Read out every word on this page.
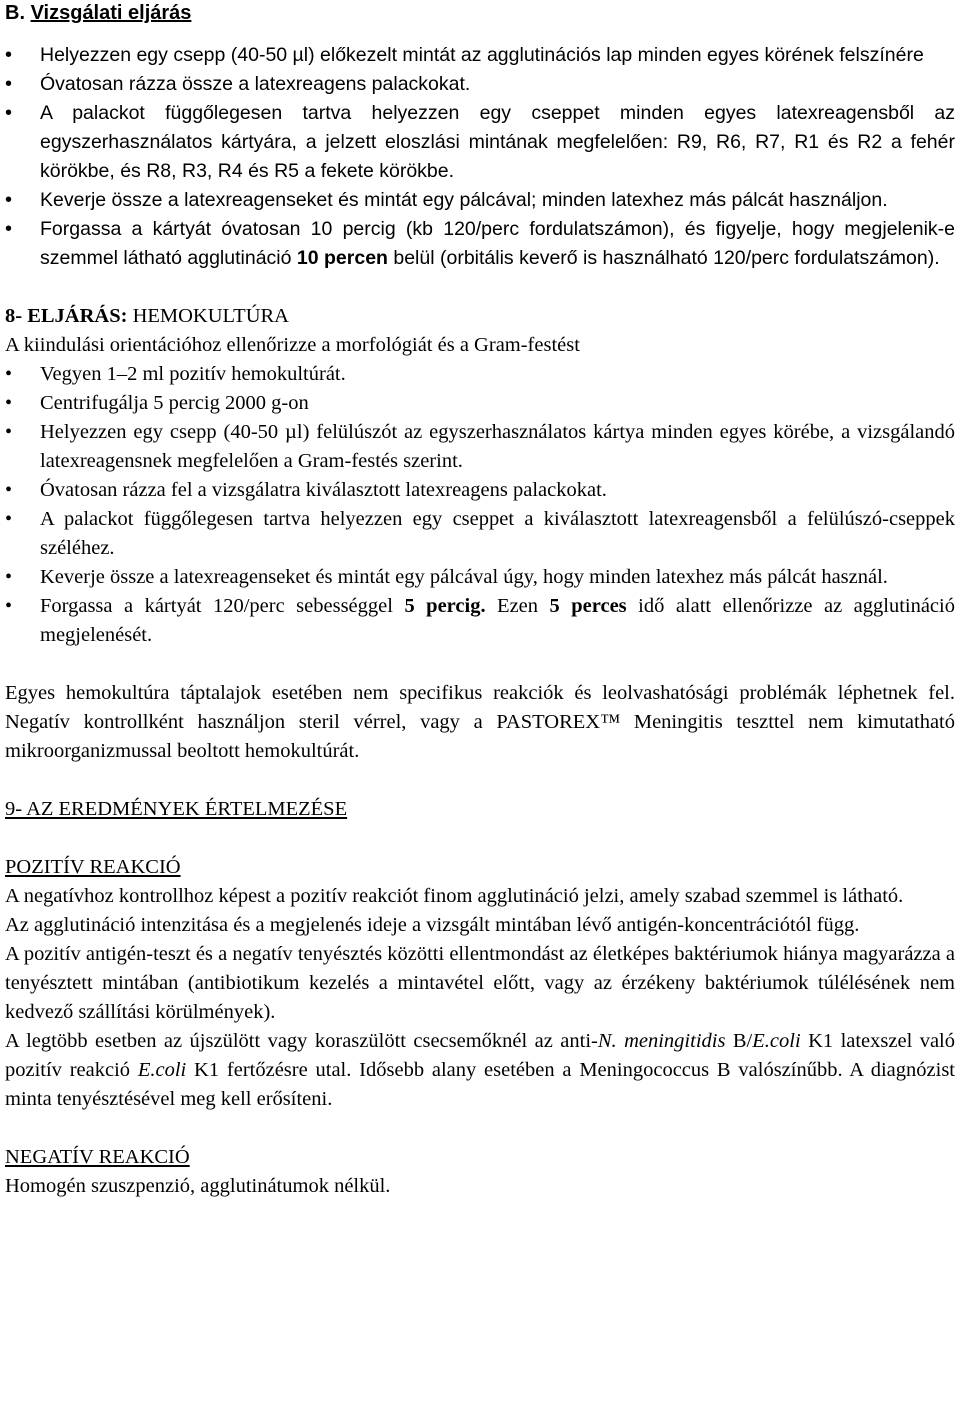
B. Vizsgálati eljárás
• Helyezzen egy csepp (40-50 µl) előkezelt mintát az agglutinációs lap minden egyes körének felszínére
• Óvatosan rázza össze a latexreagens palackokat.
• A palackot függőlegesen tartva helyezzen egy cseppet minden egyes latexreagensből az egyszerhasználatos kártyára, a jelzett eloszlási mintának megfelelően: R9, R6, R7, R1 és R2 a fehér körökbe, és R8, R3, R4 és R5 a fekete körökbe.
• Keverje össze a latexreagenseket és mintát egy pálcával; minden latexhez más pálcát használjon.
• Forgassa a kártyát óvatosan 10 percig (kb 120/perc fordulatszámon), és figyelje, hogy megjelenik-e szemmel látható agglutináció 10 percen belül (orbitális keverő is használható 120/perc fordulatszámon).

8- ELJÁRÁS: HEMOKULTÚRA

A kiindulási orientációhoz ellenőrizze a morfológiát és a Gram-festést

• Vegyen 1–2 ml pozitív hemokultúrát.
• Centrifugálja 5 percig 2000 g-on
• Helyezzen egy csepp (40-50 µl) felülúszót az egyszerhasználatos kártya minden egyes körébe, a vizsgálandó latexreagensnek megfelelően a Gram-festés szerint.
• Óvatosan rázza fel a vizsgálatra kiválasztott latexreagens palackokat.
• A palackot függőlegesen tartva helyezzen egy cseppet a kiválasztott latexreagensből a felülúszó-cseppek széléhez.
• Keverje össze a latexreagenseket és mintát egy pálcával úgy, hogy minden latexhez más pálcát használ.
• Forgassa a kártyát 120/perc sebességgel 5 percig. Ezen 5 perces idő alatt ellenőrizze az agglutináció megjelenését.

Egyes hemokultúra táptalajok esetében nem specifikus reakciók és leolvashatósági problémák léphetnek fel. Negatív kontrollként használjon steril vérrel, vagy a PASTOREX™ Meningitis teszttel nem kimutatható mikroorganizmussal beoltott hemokultúrát.

9- AZ EREDMÉNYEK ÉRTELMEZÉSE

POZITÍV REAKCIÓ

A negatívhoz kontrollhoz képest a pozitív reakciót finom agglutináció jelzi, amely szabad szemmel is látható.

Az agglutináció intenzitása és a megjelenés ideje a vizsgált mintában lévő antigén-koncentrációtól függ.

A pozitív antigén-teszt és a negatív tenyésztés közötti ellentmondást az életképes baktériumok hiánya magyarázza a tenyésztett mintában (antibiotikum kezelés a mintavétel előtt, vagy az érzékeny baktériumok túlélésének nem kedvező szállítási körülmények).

A legtöbb esetben az újszülött vagy koraszülött csecsemőknél az anti-N. meningitidis B/E.coli K1 latexszel való pozitív reakció E.coli K1 fertőzésre utal. Idősebb alany esetében a Meningococcus B valószínűbb. A diagnózist minta tenyésztésével meg kell erősíteni.

NEGATÍV REAKCIÓ

Homogén szuszpenzió, agglutinátumok nélkül.
